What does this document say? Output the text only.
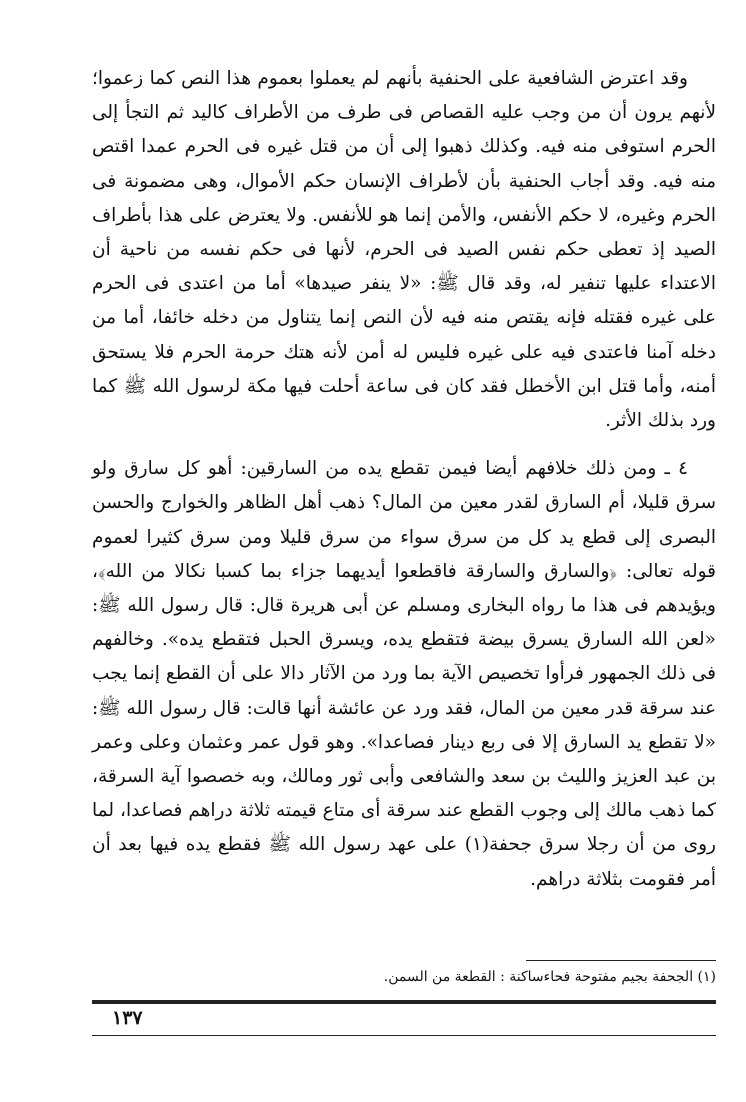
وقد اعترض الشافعية على الحنفية بأنهم لم يعملوا بعموم هذا النص كما زعموا؛ لأنهم يرون أن من وجب عليه القصاص فى طرف من الأطراف كاليد ثم التجأ إلى الحرم استوفى منه فيه. وكذلك ذهبوا إلى أن من قتل غيره فى الحرم عمدا اقتص منه فيه. وقد أجاب الحنفية بأن لأطراف الإنسان حكم الأموال، وهى مضمونة فى الحرم وغيره، لا حكم الأنفس، والأمن إنما هو للأنفس. ولا يعترض على هذا بأطراف الصيد إذ تعطى حكم نفس الصيد فى الحرم، لأنها فى حكم نفسه من ناحية أن الاعتداء عليها تنفير له، وقد قال ﷺ: «لا ينفر صيدها» أما من اعتدى فى الحرم على غيره فقتله فإنه يقتص منه فيه لأن النص إنما يتناول من دخله خائفا، أما من دخله آمنا فاعتدى فيه على غيره فليس له أمن لأنه هتك حرمة الحرم فلا يستحق أمنه، وأما قتل ابن الأخطل فقد كان فى ساعة أحلت فيها مكة لرسول الله ﷺ كما ورد بذلك الأثر.

٤ ـ ومن ذلك خلافهم أيضا فيمن تقطع يده من السارقين: أهو كل سارق ولو سرق قليلا، أم السارق لقدر معين من المال؟ ذهب أهل الظاهر والخوارج والحسن البصرى إلى قطع يد كل من سرق سواء من سرق قليلا ومن سرق كثيرا لعموم قوله تعالى: ﴿والسارق والسارقة فاقطعوا أيديهما جزاء بما كسبا نكالا من الله﴾، ويؤيدهم فى هذا ما رواه البخارى ومسلم عن أبى هريرة قال: قال رسول الله ﷺ: «لعن الله السارق يسرق بيضة فتقطع يده، ويسرق الحبل فتقطع يده». وخالفهم فى ذلك الجمهور فرأوا تخصيص الآية بما ورد من الآثار دالا على أن القطع إنما يجب عند سرقة قدر معين من المال، فقد ورد عن عائشة أنها قالت: قال رسول الله ﷺ: «لا تقطع يد السارق إلا فى ربع دينار فصاعدا». وهو قول عمر وعثمان وعلى وعمر بن عبد العزيز والليث بن سعد والشافعى وأبى ثور ومالك، وبه خصصوا آية السرقة، كما ذهب مالك إلى وجوب القطع عند سرقة أى متاع قيمته ثلاثة دراهم فصاعدا، لما روى من أن رجلا سرق جحفة(١) على عهد رسول الله ﷺ فقطع يده فيها بعد أن أمر فقومت بثلاثة دراهم.

(١) الجحفة بجيم مفتوحة فحاءساكنة : القطعة من السمن.
١٣٧
